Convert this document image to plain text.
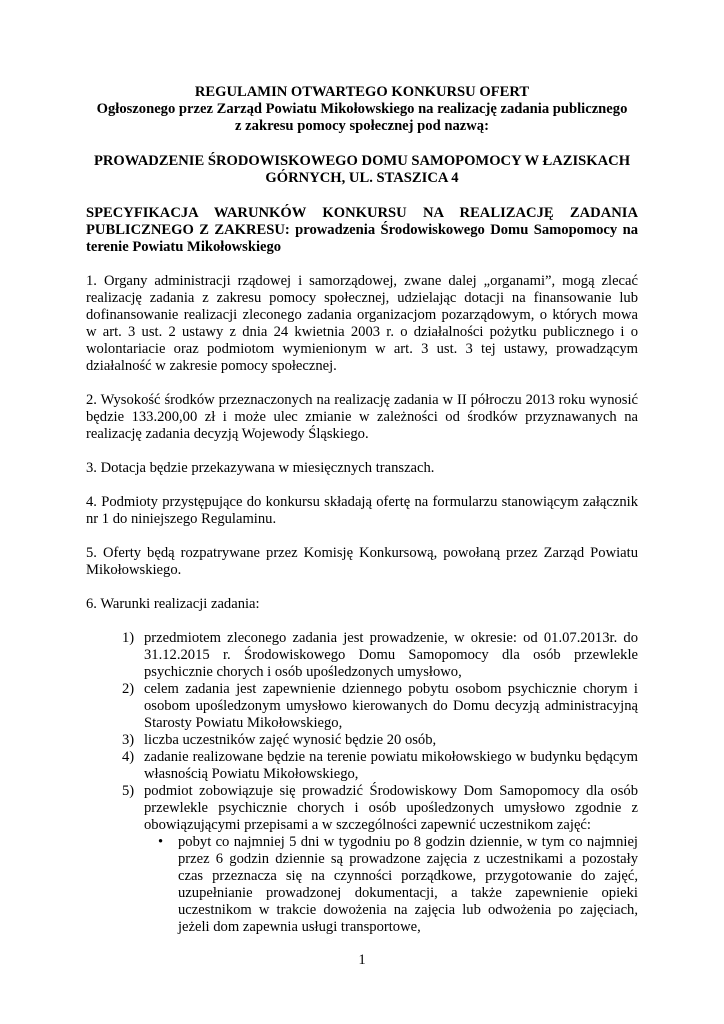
REGULAMIN OTWARTEGO KONKURSU OFERT

Ogłoszonego przez Zarząd Powiatu Mikołowskiego na realizację zadania publicznego

z zakresu pomocy społecznej pod nazwą:

PROWADZENIE ŚRODOWISKOWEGO DOMU SAMOPOMOCY W ŁAZISKACH

GÓRNYCH, UL. STASZICA 4

SPECYFIKACJA WARUNKÓW KONKURSU NA REALIZACJĘ ZADANIA PUBLICZNEGO Z ZAKRESU: prowadzenia Środowiskowego Domu Samopomocy na terenie Powiatu Mikołowskiego

1. Organy administracji rządowej i samorządowej, zwane dalej „organami”, mogą zlecać realizację zadania z zakresu pomocy społecznej, udzielając dotacji na finansowanie lub dofinansowanie realizacji zleconego zadania organizacjom pozarządowym, o których mowa w art. 3 ust. 2 ustawy z dnia 24 kwietnia 2003 r. o działalności pożytku publicznego i o wolontariacie oraz podmiotom wymienionym w art. 3 ust. 3 tej ustawy, prowadzącym działalność w zakresie pomocy społecznej.

2. Wysokość środków przeznaczonych na realizację zadania w II półroczu 2013 roku wynosić będzie 133.200,00 zł i może ulec zmianie w zależności od środków przyznawanych na realizację zadania decyzją Wojewody Śląskiego.

3. Dotacja będzie przekazywana w miesięcznych transzach.

4. Podmioty przystępujące do konkursu składają ofertę na formularzu stanowiącym załącznik nr 1 do niniejszego Regulaminu.

5. Oferty będą rozpatrywane przez Komisję Konkursową, powołaną przez Zarząd Powiatu Mikołowskiego.

6. Warunki realizacji zadania:

1) przedmiotem zleconego zadania jest prowadzenie, w okresie: od 01.07.2013r. do 31.12.2015 r. Środowiskowego Domu Samopomocy dla osób przewlekle psychicznie chorych i osób upośledzonych umysłowo,
2) celem zadania jest zapewnienie dziennego pobytu osobom psychicznie chorym i osobom upośledzonym umysłowo kierowanych do Domu decyzją administracyjną Starosty Powiatu Mikołowskiego,
3) liczba uczestników zajęć wynosić będzie 20 osób,
4) zadanie realizowane będzie na terenie powiatu mikołowskiego w budynku będącym własnością Powiatu Mikołowskiego,
5) podmiot zobowiązuje się prowadzić Środowiskowy Dom Samopomocy dla osób przewlekle psychicznie chorych i osób upośledzonych umysłowo zgodnie z obowiązującymi przepisami a w szczególności zapewnić uczestnikom zajęć:
• pobyt co najmniej 5 dni w tygodniu po 8 godzin dziennie, w tym co najmniej przez 6 godzin dziennie są prowadzone zajęcia z uczestnikami a pozostały czas przeznacza się na czynności porządkowe, przygotowanie do zajęć, uzupełnianie prowadzonej dokumentacji, a także zapewnienie opieki uczestnikom w trakcie dowożenia na zajęcia lub odwożenia po zajęciach, jeżeli dom zapewnia usługi transportowe,
1
